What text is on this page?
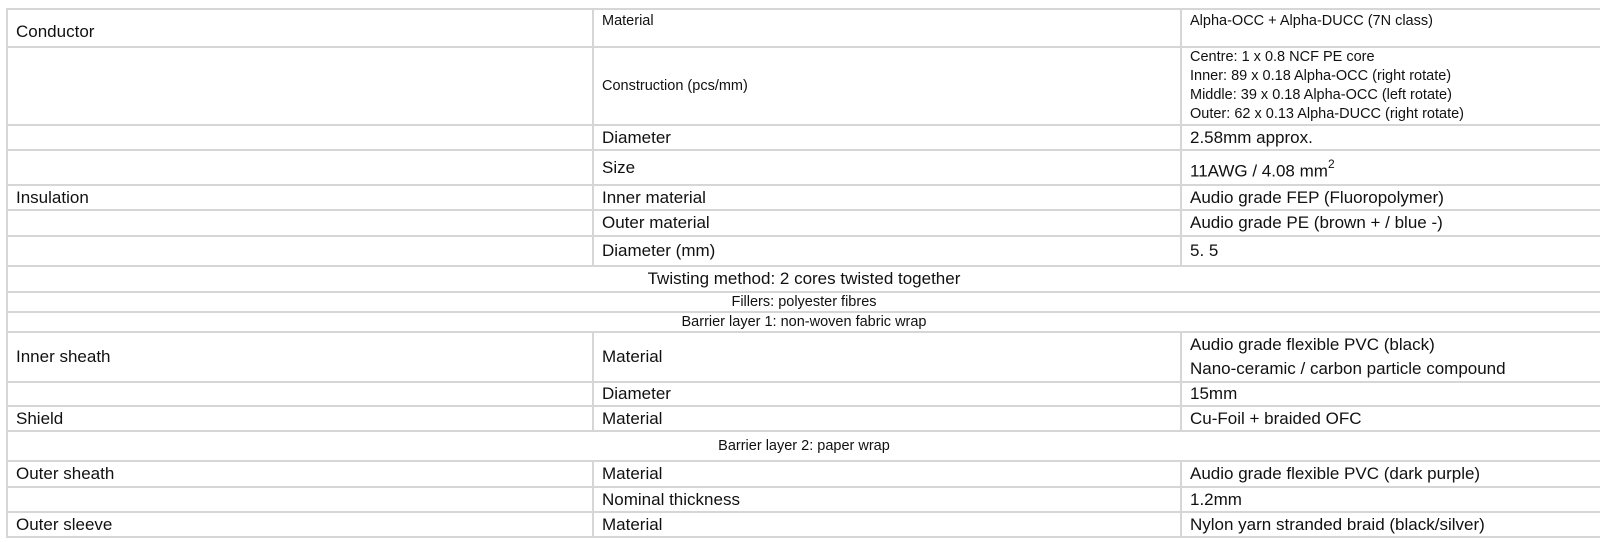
Conductor	Material	Alpha-OCC + Alpha-DUCC (7N class)
	Construction (pcs/mm)	Centre: 1 x 0.8 NCF PE core
Inner: 89 x 0.18 Alpha-OCC (right rotate)
Middle: 39 x 0.18 Alpha-OCC (left rotate)
Outer: 62 x 0.13 Alpha-DUCC (right rotate)

	Diameter	2.58mm approx.
	Size	11AWG / 4.08 $mm^2$
Insulation	Inner material	Audio grade FEP (Fluoropolymer)
	Outer material	Audio grade PE (brown + / blue -)
	Diameter (mm)	5. 5
Twisting method: 2 cores twisted together		
Fillers: polyester fibres		
Barrier layer 1: non-woven fabric wrap		
Inner sheath	Material	Audio grade flexible PVC (black)
Nano-ceramic / carbon particle compound

	Diameter	15mm
Shield	Material	Cu-Foil + braided OFC
Barrier layer 2: paper wrap		
Outer sheath	Material	Audio grade flexible PVC (dark purple)
	Nominal thickness	1.2mm
Outer sleeve	Material	Nylon yarn stranded braid (black/silver)
